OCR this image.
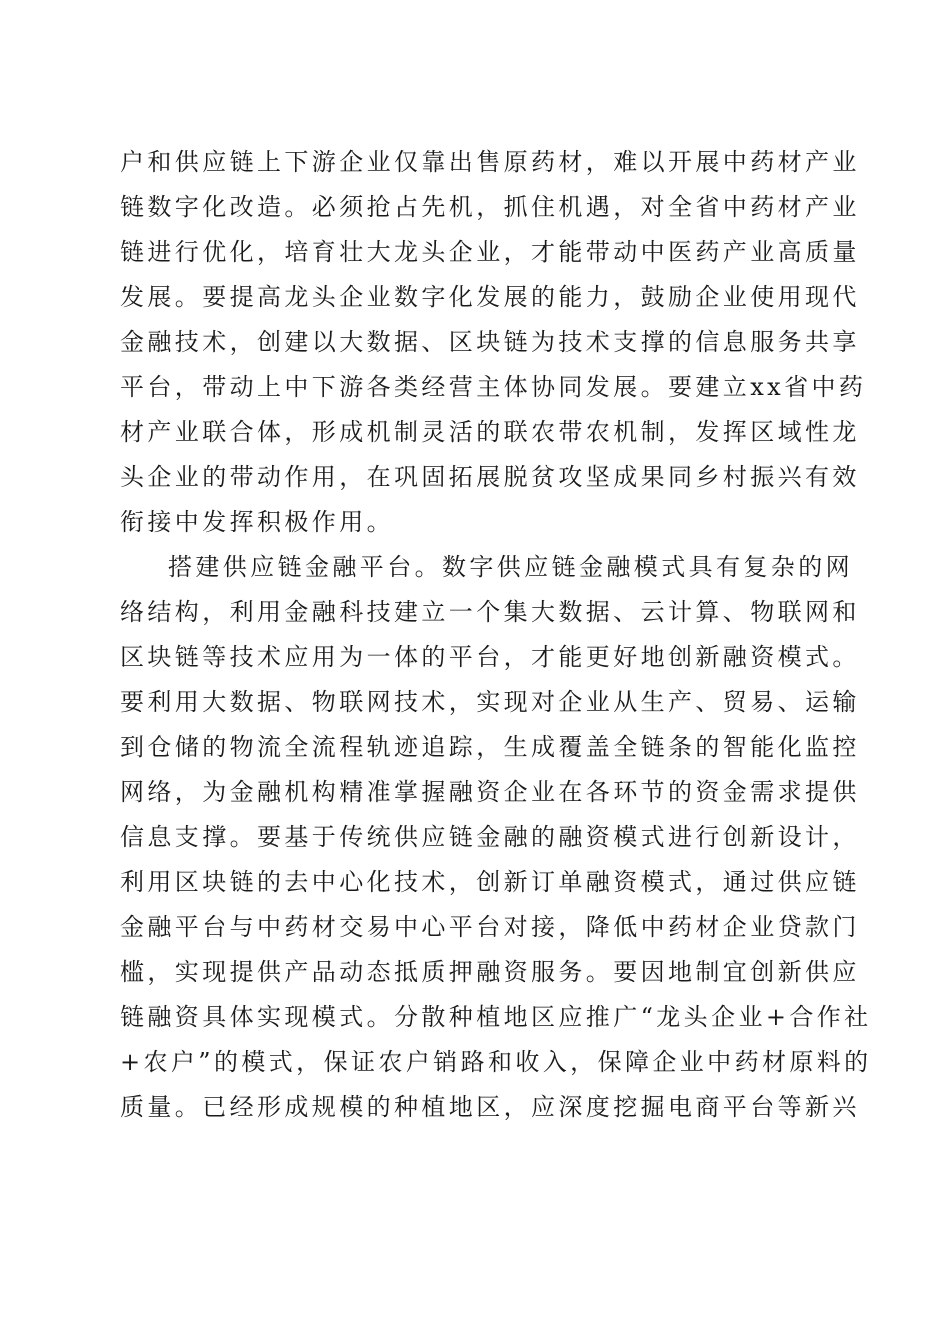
户和供应链上下游企业仅靠出售原药材，难以开展中药材产业
链数字化改造。必须抢占先机，抓住机遇，对全省中药材产业
链进行优化，培育壮大龙头企业，才能带动中医药产业高质量
发展。要提高龙头企业数字化发展的能力，鼓励企业使用现代
金融技术，创建以大数据、区块链为技术支撑的信息服务共享
平台，带动上中下游各类经营主体协同发展。要建立xx省中药
材产业联合体，形成机制灵活的联农带农机制，发挥区域性龙
头企业的带动作用，在巩固拓展脱贫攻坚成果同乡村振兴有效
衔接中发挥积极作用。
搭建供应链金融平台。数字供应链金融模式具有复杂的网
络结构，利用金融科技建立一个集大数据、云计算、物联网和
区块链等技术应用为一体的平台，才能更好地创新融资模式。
要利用大数据、物联网技术，实现对企业从生产、贸易、运输
到仓储的物流全流程轨迹追踪，生成覆盖全链条的智能化监控
网络，为金融机构精准掌握融资企业在各环节的资金需求提供
信息支撑。要基于传统供应链金融的融资模式进行创新设计，
利用区块链的去中心化技术，创新订单融资模式，通过供应链
金融平台与中药材交易中心平台对接，降低中药材企业贷款门
槛，实现提供产品动态抵质押融资服务。要因地制宜创新供应
链融资具体实现模式。分散种植地区应推广“龙头企业+合作社
+农户”的模式，保证农户销路和收入，保障企业中药材原料的
质量。已经形成规模的种植地区，应深度挖掘电商平台等新兴
